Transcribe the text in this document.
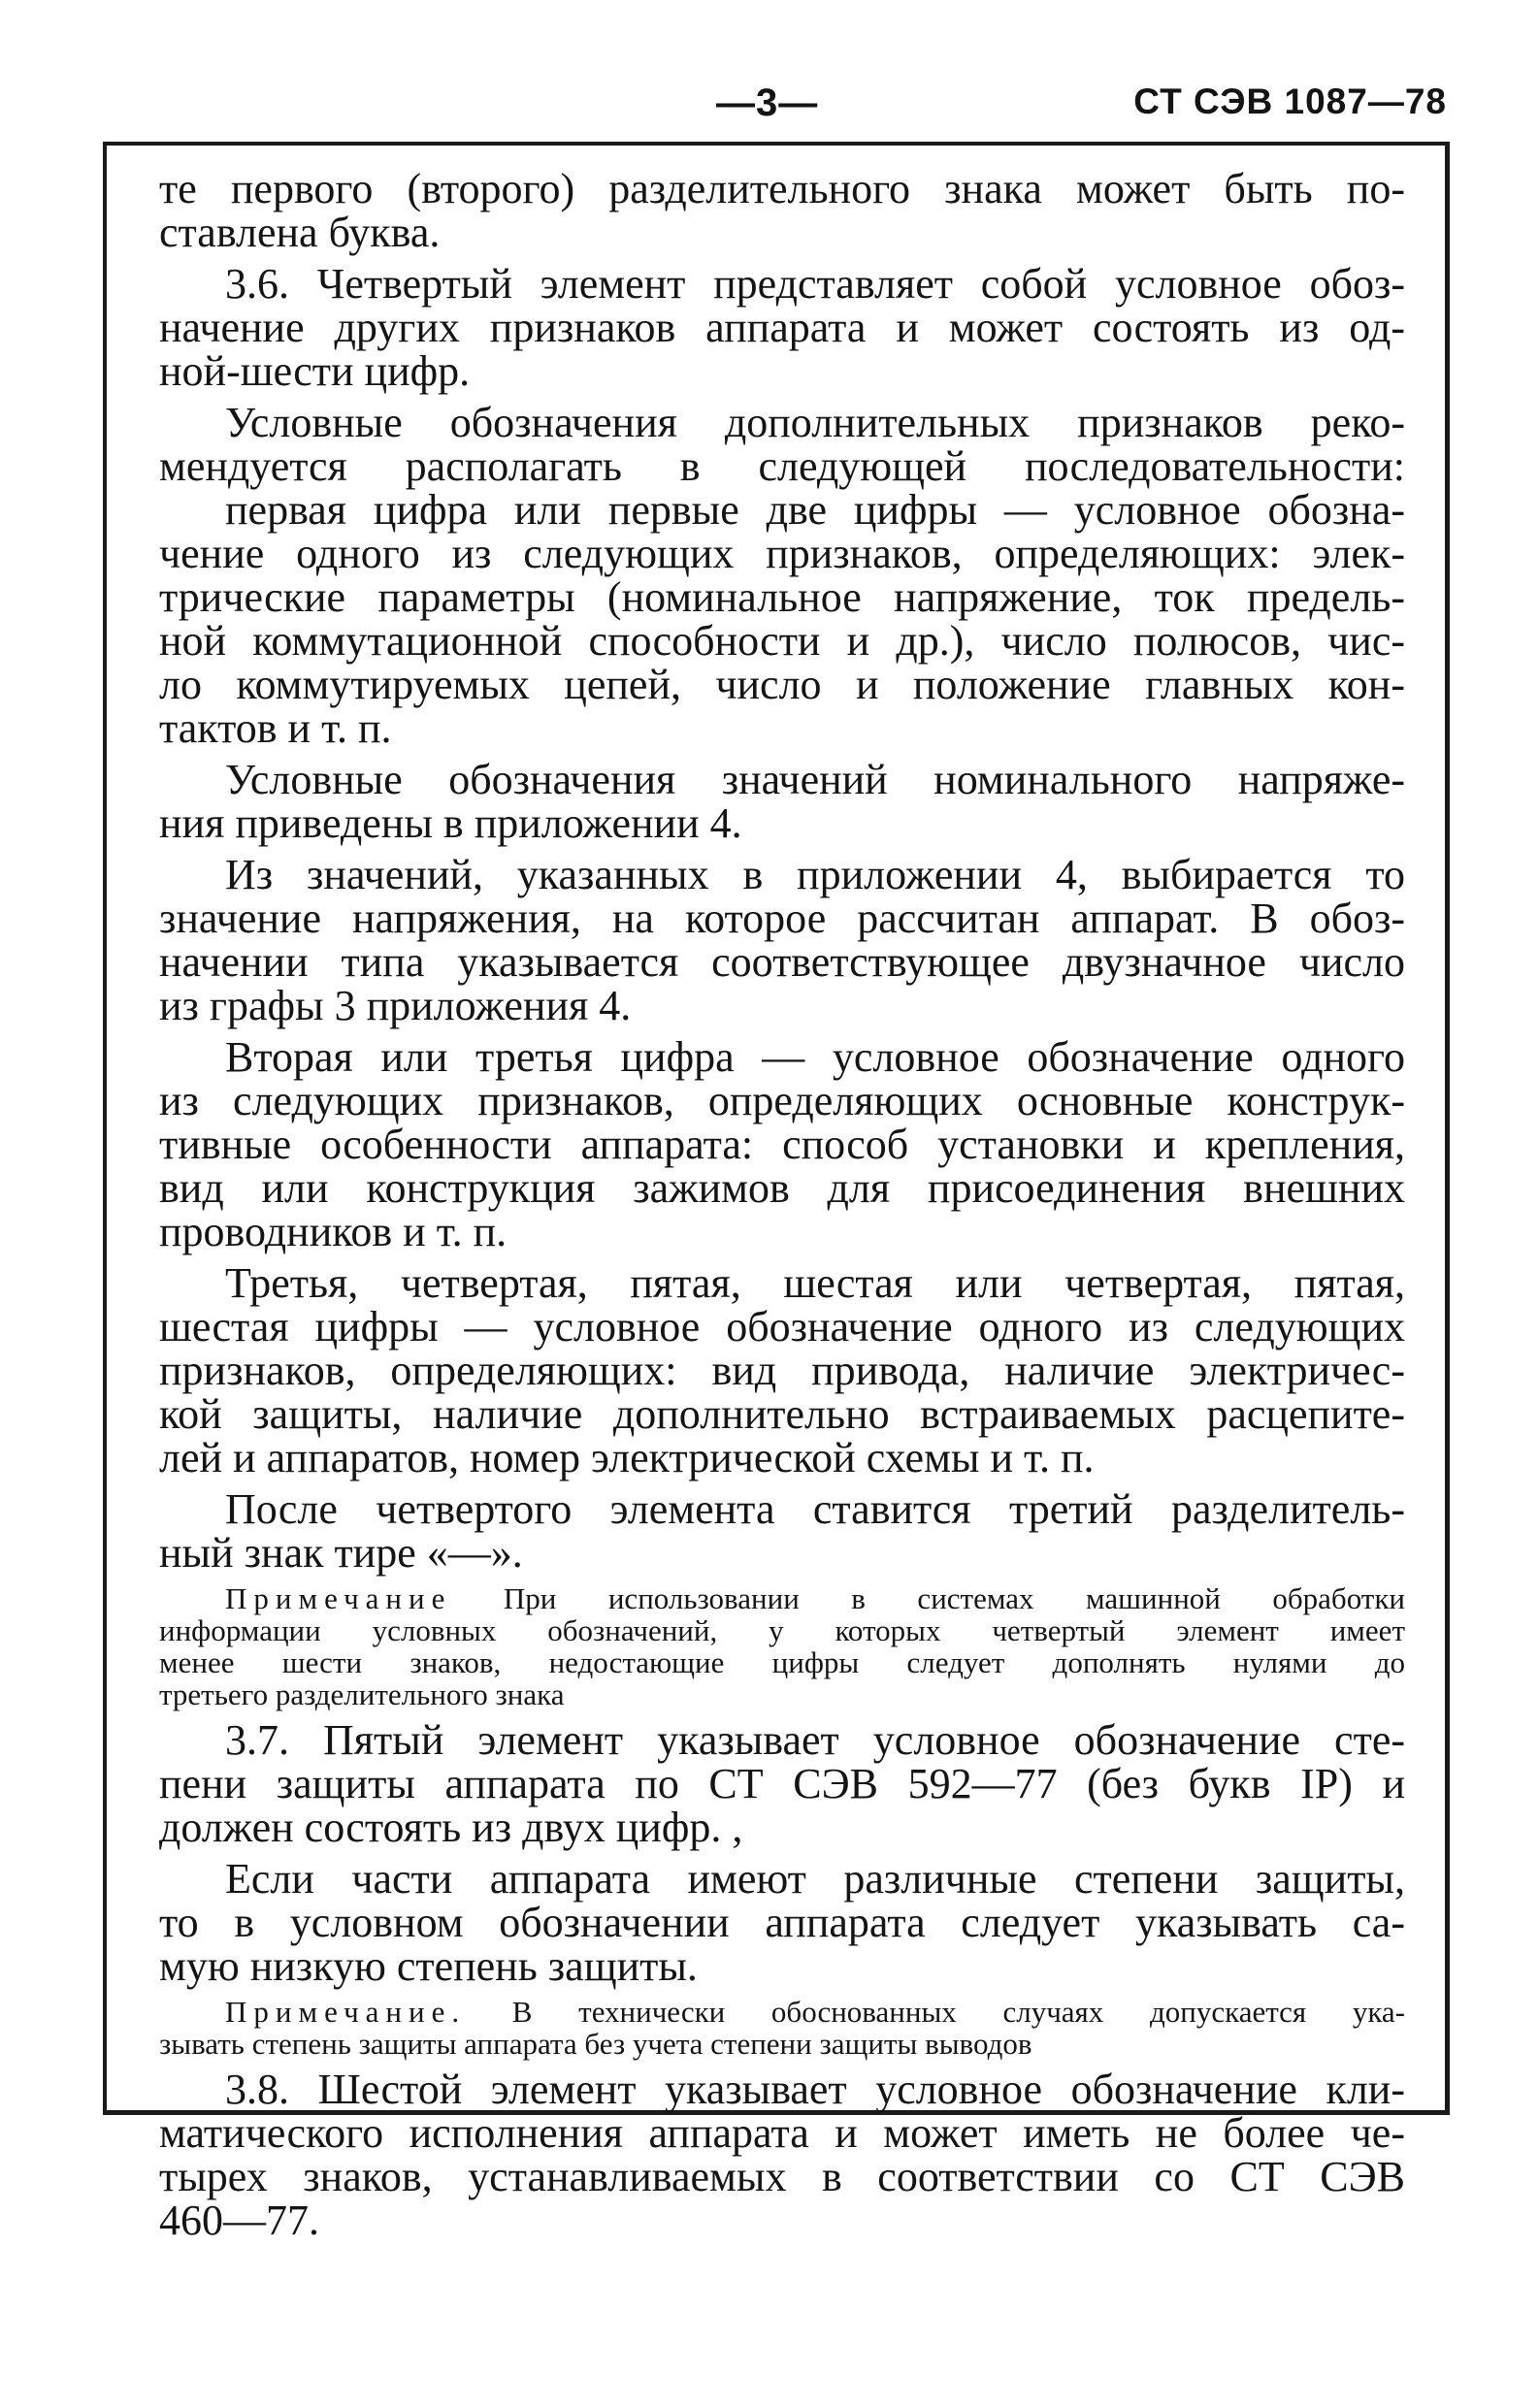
—3—	СТ СЭВ 1087—78
те первого (второго) разделительного знака может быть по-
ставлена буква.
3.6. Четвертый элемент представляет собой условное обоз-
начение других признаков аппарата и может состоять из од-
ной-шести цифр.
Условные обозначения дополнительных признаков реко-
мендуется располагать в следующей последовательности:
первая цифра или первые две цифры — условное обозна-
чение одного из следующих признаков, определяющих: элек-
трические параметры (номинальное напряжение, ток предель-
ной коммутационной способности и др.), число полюсов, чис-
ло коммутируемых цепей, число и положение главных кон-
тактов и т. п.
Условные обозначения значений номинального напряже-
ния приведены в приложении 4.
Из значений, указанных в приложении 4, выбирается то
значение напряжения, на которое рассчитан аппарат. В обоз-
начении типа указывается соответствующее двузначное число
из графы 3 приложения 4.
Вторая или третья цифра — условное обозначение одного
из следующих признаков, определяющих основные конструк-
тивные особенности аппарата: способ установки и крепления,
вид или конструкция зажимов для присоединения внешних
проводников и т. п.
Третья, четвертая, пятая, шестая или четвертая, пятая,
шестая цифры — условное обозначение одного из следующих
признаков, определяющих: вид привода, наличие электричес-
кой защиты, наличие дополнительно встраиваемых расцепите-
лей и аппаратов, номер электрической схемы и т. п.
После четвертого элемента ставится третий разделитель-
ный знак тире «—».
Примечание При использовании в системах машинной обработки
информации условных обозначений, у которых четвертый элемент имеет
менее шести знаков, недостающие цифры следует дополнять нулями до
третьего разделительного знака
3.7. Пятый элемент указывает условное обозначение сте-
пени защиты аппарата по СТ СЭВ 592—77 (без букв IP) и
должен состоять из двух цифр. ,
Если части аппарата имеют различные степени защиты,
то в условном обозначении аппарата следует указывать са-
мую низкую степень защиты.
Примечание. В технически обоснованных случаях допускается ука-
зывать степень защиты аппарата без учета степени защиты выводов
3.8. Шестой элемент указывает условное обозначение кли-
матического исполнения аппарата и может иметь не более че-
тырех знаков, устанавливаемых в соответствии со СТ СЭВ
460—77.
